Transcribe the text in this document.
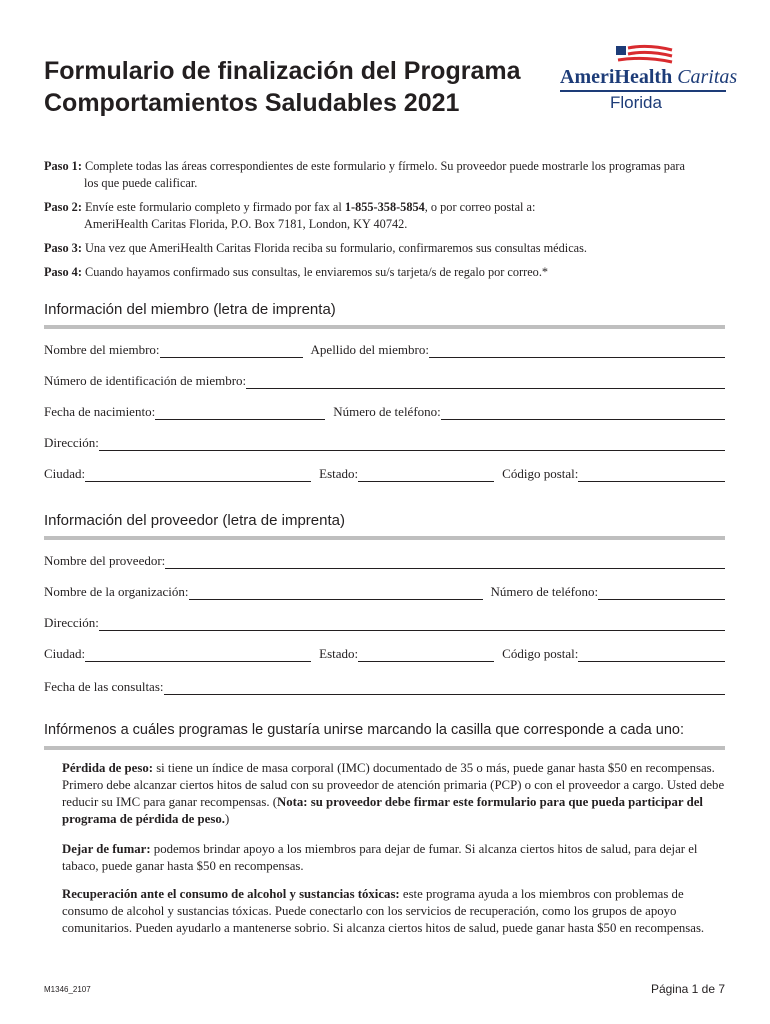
Formulario de finalización del Programa
Comportamientos Saludables 2021
AmeriHealth Caritas
Florida
Paso 1: Complete todas las áreas correspondientes de este formulario y fírmelo. Su proveedor puede mostrarle los programas para
los que puede calificar.
Paso 2: Envíe este formulario completo y firmado por fax al 1-855-358-5854, o por correo postal a:
AmeriHealth Caritas Florida, P.O. Box 7181, London, KY 40742.
Paso 3: Una vez que AmeriHealth Caritas Florida reciba su formulario, confirmaremos sus consultas médicas.
Paso 4: Cuando hayamos confirmado sus consultas, le enviaremos su/s tarjeta/s de regalo por correo.*
Información del miembro (letra de imprenta)
Nombre del miembro:	Apellido del miembro:
Número de identificación de miembro:
Fecha de nacimiento:	Número de teléfono:
Dirección:
Ciudad:	Estado:	Código postal:
Información del proveedor (letra de imprenta)
Nombre del proveedor:
Nombre de la organización:	Número de teléfono:
Dirección:
Ciudad:	Estado:	Código postal:
Fecha de las consultas:
Infórmenos a cuáles programas le gustaría unirse marcando la casilla que corresponde a cada uno:
Pérdida de peso: si tiene un índice de masa corporal (IMC) documentado de 35 o más, puede ganar hasta $50 en recompensas. Primero debe alcanzar ciertos hitos de salud con su proveedor de atención primaria (PCP) o con el proveedor a cargo. Usted debe reducir su IMC para ganar recompensas. (Nota: su proveedor debe firmar este formulario para que pueda participar del programa de pérdida de peso.)
Dejar de fumar: podemos brindar apoyo a los miembros para dejar de fumar. Si alcanza ciertos hitos de salud, para dejar el tabaco, puede ganar hasta $50 en recompensas.
Recuperación ante el consumo de alcohol y sustancias tóxicas: este programa ayuda a los miembros con problemas de consumo de alcohol y sustancias tóxicas. Puede conectarlo con los servicios de recuperación, como los grupos de apoyo comunitarios. Pueden ayudarlo a mantenerse sobrio. Si alcanza ciertos hitos de salud, puede ganar hasta $50 en recompensas.
M1346_2107	Página 1 de 7
